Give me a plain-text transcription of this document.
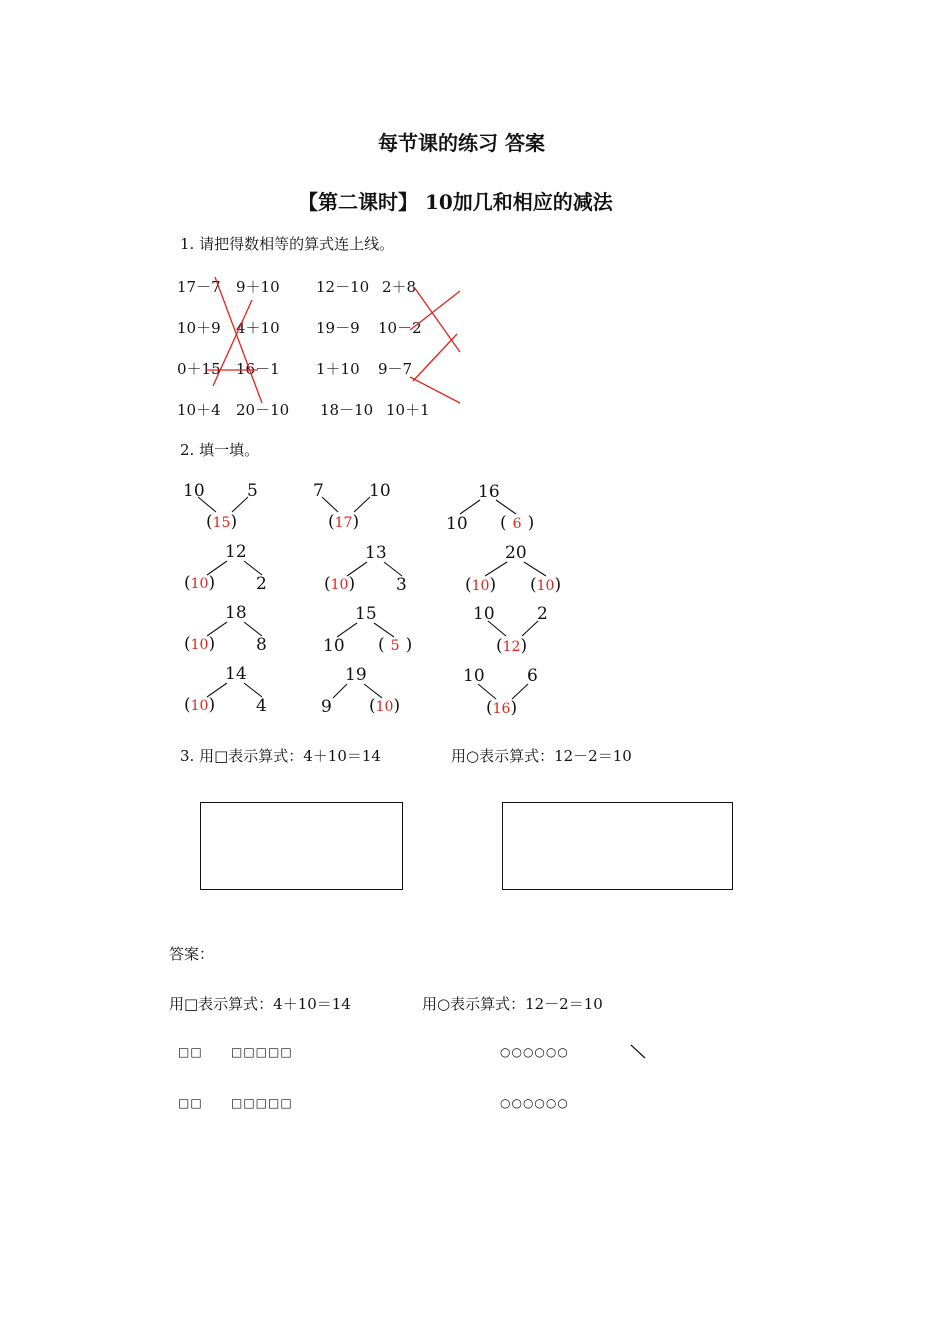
每节课的练习 答案
【第二课时】 10加几和相应的减法
1. 请把得数相等的算式连上线。
17－7 9＋10 12－10 2＋8
10＋9 4＋10 19－9 10－2
0＋15 16－1 1＋10 9－7
10＋4 20－10 18－10 10＋1
2. 填一填。
10 5
(15)
7	10
(17)
16
10 ( 6 )
12
(10) 2
13
(10) 3
20
(10) (10)
18
(10) 8
15
10 ( 5 )
10 2
(12)
14
(10) 4
19
9 (10)
10 6
(16)
3. 用□表示算式：4＋10＝14	用○表示算式：12－2＝10
答案：
用□表示算式：4＋10＝14	用○表示算式：12－2＝10
□□ □□□□□	○○○○○○
□□ □□□□□	○○○○○○
